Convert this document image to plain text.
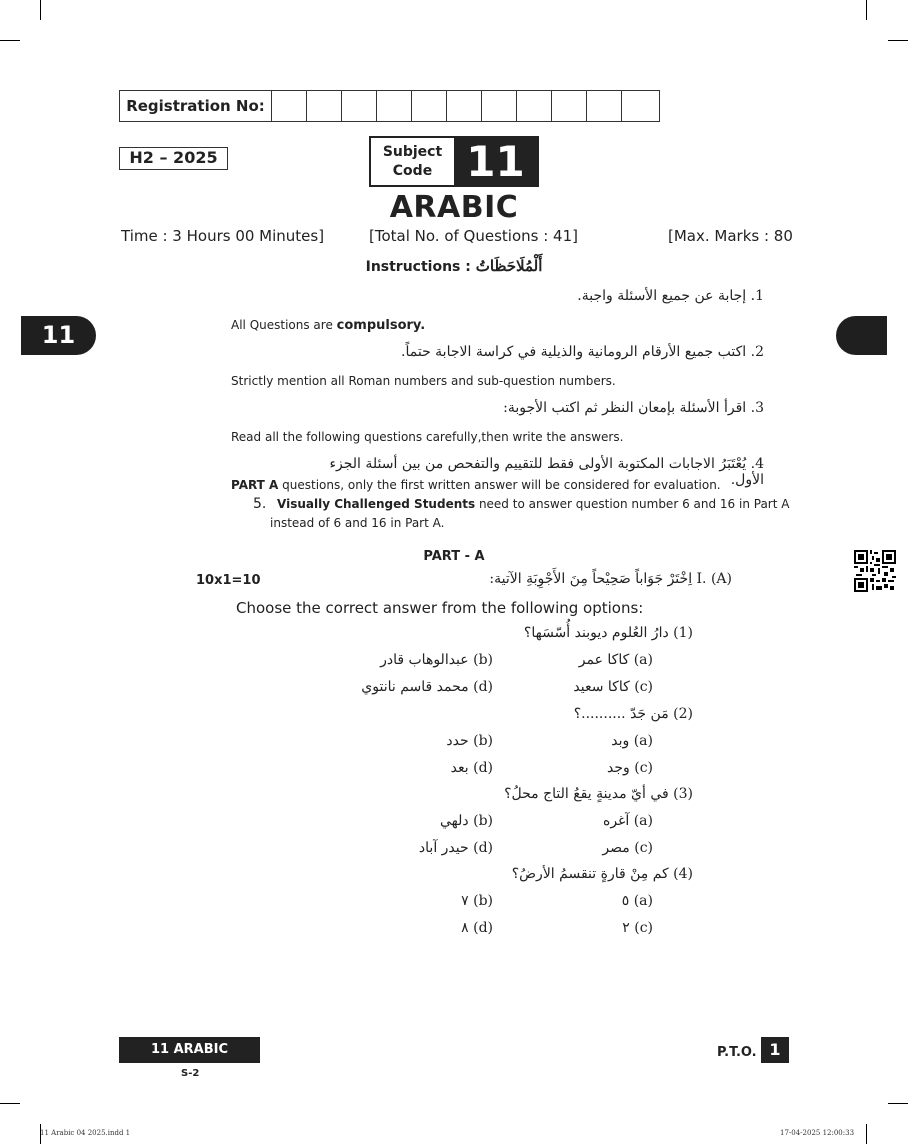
Registration No:
H2 – 2025	Subject Code 11
ARABIC
Time : 3 Hours 00 Minutes]	[Total No. of Questions : 41]	[Max. Marks : 80
11
Instructions : أَلْمُلَاحَظَاتُ
1. إجابة عن جميع الأسئلة واجبة.
All Questions are compulsory.
2. اكتب جميع الأرقام الرومانية والذيلية في كراسة الاجابة حتماً.
Strictly mention all Roman numbers and sub-question numbers.
3. اقرأ الأسئلة بإمعان النظر ثم اكتب الأجوبة:
Read all the following questions carefully,then write the answers.
4. يُعْتَبَرُ الاجابات المكتوبة الأولى فقط للتقييم والتفحص من بين أسئلة الجزء الأول.
PART A questions, only the first written answer will be considered for evaluation.
5. Visually Challenged Students need to answer question number 6 and 16 in Part A
instead of 6 and 16 in Part A.
PART - A
10x1=10	I. (A) اِخْتَرْ جَوَاباً صَحِيْحاً مِنَ الأَجْوِبَةِ الآتية:
Choose the correct answer from the following options:
(1) دارُ العُلوم ديوبند أُسّسَها؟
(a) كاكا عمر
(b) عبدالوهاب قادر
(c) كاكا سعيد
(d) محمد قاسم نانتوي
(2) مَن جَدّ ..........؟
(a) وبد
(b) حدد
(c) وجد
(d) بعد
(3) في أيّ مدينةٍ يقعُ التاج محلُ؟
(a) آغره
(b) دلهي
(c) مصر
(d) حيدر آباد
(4) كم مِنْ قارةٍ تنقسمُ الأرضُ؟
(a) ٥
(b) ٧
(c) ٢
(d) ٨
11 ARABIC
S-2
P.T.O. 1
11 Arabic 04 2025.indd 1	17-04-2025 12:00:33
